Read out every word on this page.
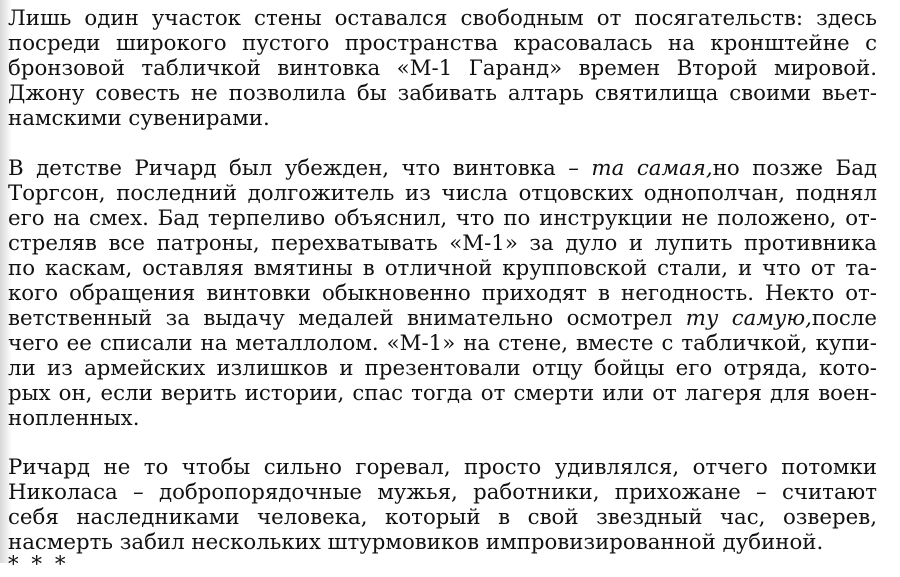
Лишь один участок стены оставался свободным от посягательств: здесь
посреди широкого пустого пространства красовалась на кронштейне с
бронзовой табличкой винтовка «М-1 Гаранд» времен Второй мировой.
Джону совесть не позволила бы забивать алтарь святилища своими вьет-
намскими сувенирами.
В детстве Ричард был убежден, что винтовка – та самая,но позже Бад
Торгсон, последний долгожитель из числа отцовских однополчан, поднял
его на смех. Бад терпеливо объяснил, что по инструкции не положено, от-
стреляв все патроны, перехватывать «М-1» за дуло и лупить противника
по каскам, оставляя вмятины в отличной крупповской стали, и что от та-
кого обращения винтовки обыкновенно приходят в негодность. Некто от-
ветственный за выдачу медалей внимательно осмотрел ту самую,после
чего ее списали на металлолом. «М-1» на стене, вместе с табличкой, купи-
ли из армейских излишков и презентовали отцу бойцы его отряда, кото-
рых он, если верить истории, спас тогда от смерти или от лагеря для воен-
нопленных.
Ричард не то чтобы сильно горевал, просто удивлялся, отчего потомки
Николаса – добропорядочные мужья, работники, прихожане – считают
себя наследниками человека, который в свой звездный час, озверев,
насмерть забил нескольких штурмовиков импровизированной дубиной.
* * *
